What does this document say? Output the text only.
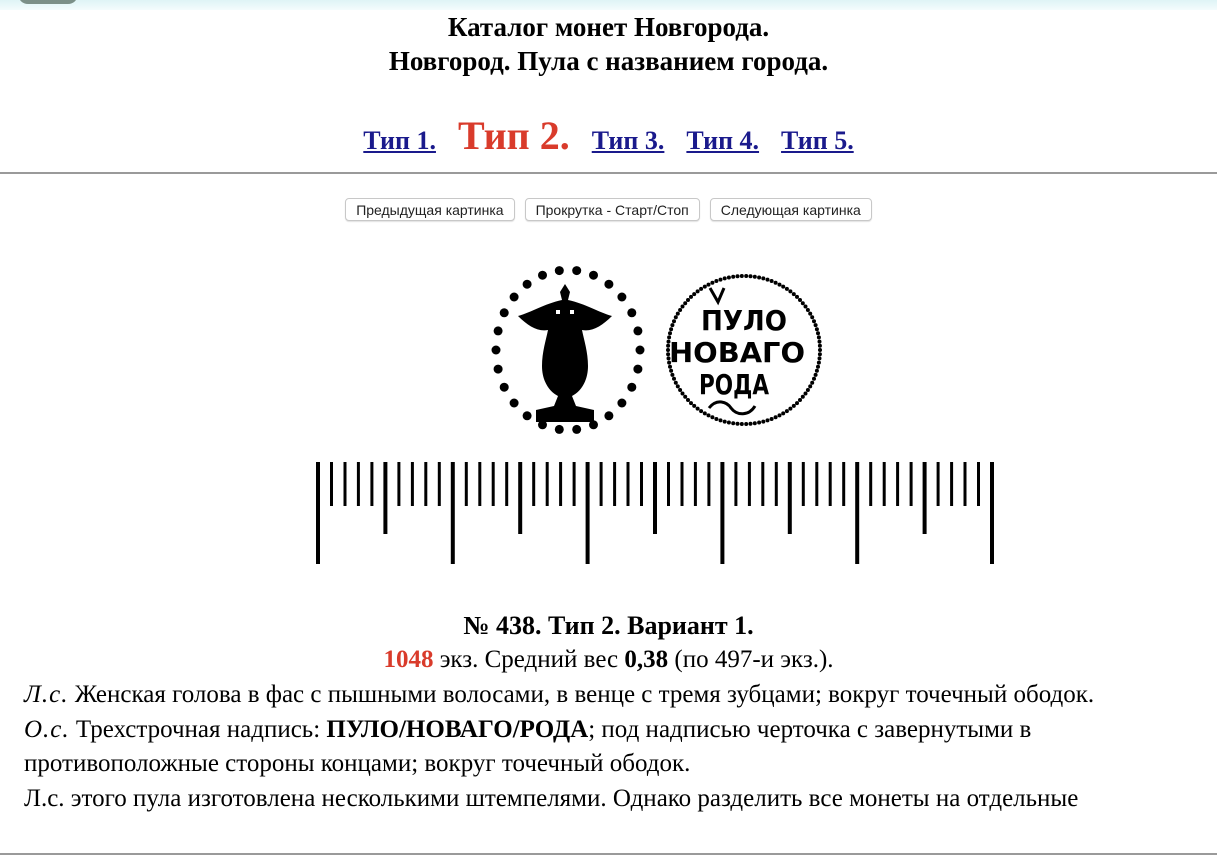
Каталог монет Новгорода.
Новгород. Пула с названием города.
Тип 1. Тип 2. Тип 3. Тип 4. Тип 5.
Предыдущая картинка Прокрутка - Старт/Стоп Следующая картинка
ПУЛО
НОВАГО
РОДА
№ 438. Тип 2. Вариант 1.
1048 экз. Средний вес 0,38 (по 497-и экз.).

Л.с. Женская голова в фас с пышными волосами, в венце с тремя зубцами; вокруг точечный ободок.

О.с. Трехстрочная надпись: ПУЛО/НОВАГО/РОДА; под надписью черточка с завернутыми в противоположные стороны концами; вокруг точечный ободок.

Л.с. этого пула изготовлена несколькими штемпелями. Однако разделить все монеты на отдельные
